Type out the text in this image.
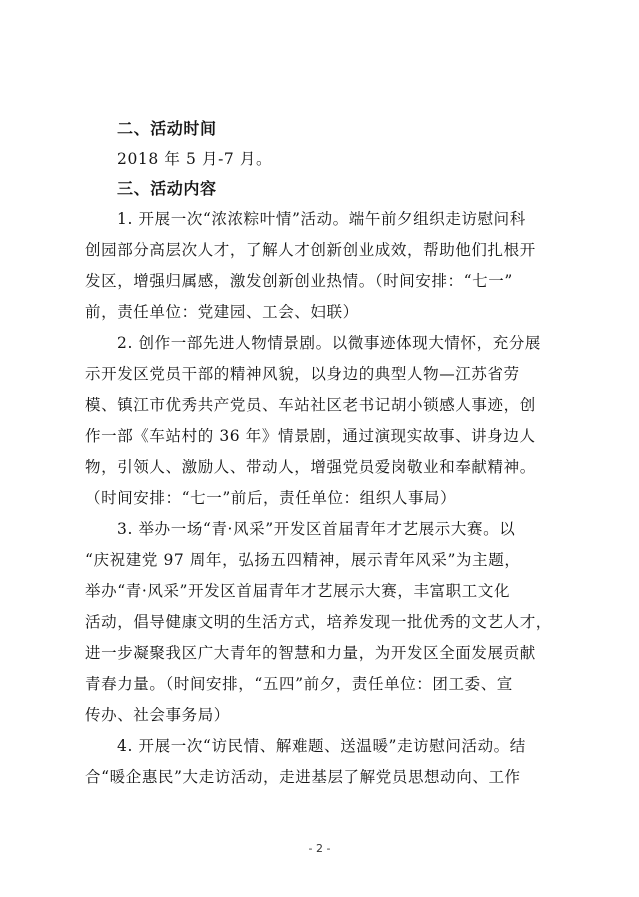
二、活动时间
2018 年 5 月-7 月。
三、活动内容
1. 开展一次“浓浓粽叶情”活动。端午前夕组织走访慰问科
创园部分高层次人才，了解人才创新创业成效，帮助他们扎根开
发区，增强归属感，激发创新创业热情。（时间安排：“七一”
前，责任单位：党建园、工会、妇联）
2. 创作一部先进人物情景剧。以微事迹体现大情怀，充分展
示开发区党员干部的精神风貌，以身边的典型人物—江苏省劳
模、镇江市优秀共产党员、车站社区老书记胡小锁感人事迹，创
作一部《车站村的 36 年》情景剧，通过演现实故事、讲身边人
物，引领人、激励人、带动人，增强党员爱岗敬业和奉献精神。
（时间安排：“七一”前后，责任单位：组织人事局）
3. 举办一场“青·风采”开发区首届青年才艺展示大赛。以
“庆祝建党 97 周年，弘扬五四精神，展示青年风采”为主题，
举办“青·风采”开发区首届青年才艺展示大赛，丰富职工文化
活动，倡导健康文明的生活方式，培养发现一批优秀的文艺人才，
进一步凝聚我区广大青年的智慧和力量，为开发区全面发展贡献
青春力量。（时间安排，“五四”前夕，责任单位：团工委、宣
传办、社会事务局）
4. 开展一次“访民情、解难题、送温暖”走访慰问活动。结
合“暖企惠民”大走访活动，走进基层了解党员思想动向、工作
- 2 -
